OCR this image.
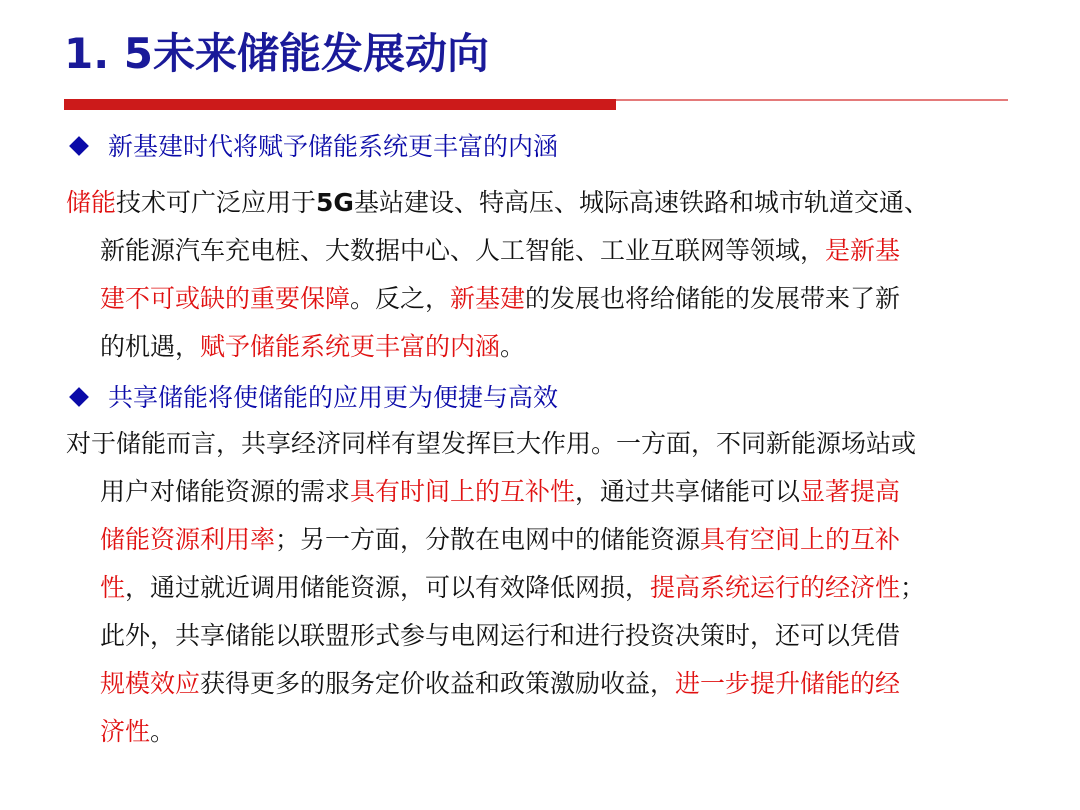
1. 5未来储能发展动向
新基建时代将赋予储能系统更丰富的内涵
储能技术可广泛应用于5G基站建设、特高压、城际高速铁路和城市轨道交通、
新能源汽车充电桩、大数据中心、人工智能、工业互联网等领域，是新基
建不可或缺的重要保障。反之，新基建的发展也将给储能的发展带来了新
的机遇，赋予储能系统更丰富的内涵。
共享储能将使储能的应用更为便捷与高效
对于储能而言，共享经济同样有望发挥巨大作用。一方面，不同新能源场站或
用户对储能资源的需求具有时间上的互补性，通过共享储能可以显著提高
储能资源利用率；另一方面，分散在电网中的储能资源具有空间上的互补
性，通过就近调用储能资源，可以有效降低网损，提高系统运行的经济性；
此外，共享储能以联盟形式参与电网运行和进行投资决策时，还可以凭借
规模效应获得更多的服务定价收益和政策激励收益，进一步提升储能的经
济性。
